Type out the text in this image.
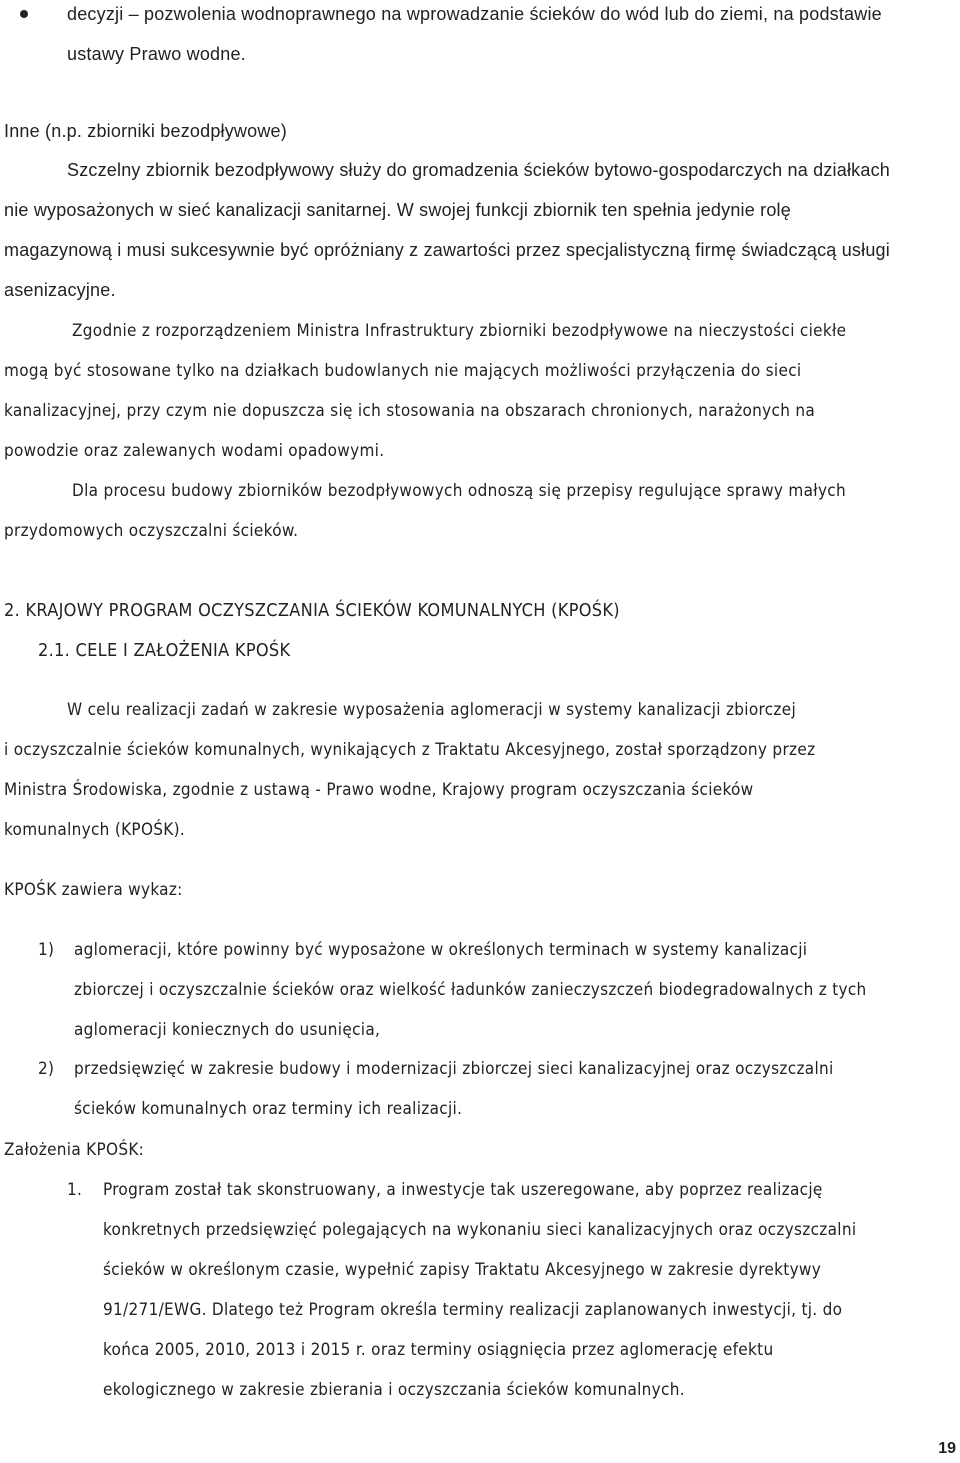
decyzji – pozwolenia wodnoprawnego na wprowadzanie ścieków do wód lub do ziemi, na podstawie

ustawy Prawo wodne.

Inne (n.p. zbiorniki bezodpływowe)

Szczelny zbiornik bezodpływowy służy do gromadzenia ścieków bytowo-gospodarczych na działkach

nie wyposażonych w sieć kanalizacji sanitarnej. W swojej funkcji zbiornik ten spełnia jedynie rolę

magazynową i musi sukcesywnie być opróżniany z zawartości przez specjalistyczną firmę świadczącą usługi

asenizacyjne.

Zgodnie z rozporządzeniem Ministra Infrastruktury zbiorniki bezodpływowe na nieczystości ciekłe

mogą być stosowane tylko na działkach budowlanych nie mających możliwości przyłączenia do sieci

kanalizacyjnej, przy czym nie dopuszcza się ich stosowania na obszarach chronionych, narażonych na

powodzie oraz zalewanych wodami opadowymi.

Dla procesu budowy zbiorników bezodpływowych odnoszą się przepisy regulujące sprawy małych

przydomowych oczyszczalni ścieków.

2. KRAJOWY PROGRAM OCZYSZCZANIA ŚCIEKÓW KOMUNALNYCH (KPOŚK)

2.1. CELE I ZAŁOŻENIA KPOŚK

W celu realizacji zadań w zakresie wyposażenia aglomeracji w systemy kanalizacji zbiorczej

i oczyszczalnie ścieków komunalnych, wynikających z Traktatu Akcesyjnego, został sporządzony przez

Ministra Środowiska, zgodnie z ustawą - Prawo wodne, Krajowy program oczyszczania ścieków

komunalnych (KPOŚK).

KPOŚK zawiera wykaz:

1) aglomeracji, które powinny być wyposażone w określonych terminach w systemy kanalizacji

zbiorczej i oczyszczalnie ścieków oraz wielkość ładunków zanieczyszczeń biodegradowalnych z tych

aglomeracji koniecznych do usunięcia,

2) przedsięwzięć w zakresie budowy i modernizacji zbiorczej sieci kanalizacyjnej oraz oczyszczalni

ścieków komunalnych oraz terminy ich realizacji.

Założenia KPOŚK:

1. Program został tak skonstruowany, a inwestycje tak uszeregowane, aby poprzez realizację

konkretnych przedsięwzięć polegających na wykonaniu sieci kanalizacyjnych oraz oczyszczalni

ścieków w określonym czasie, wypełnić zapisy Traktatu Akcesyjnego w zakresie dyrektywy

91/271/EWG. Dlatego też Program określa terminy realizacji zaplanowanych inwestycji, tj. do

końca 2005, 2010, 2013 i 2015 r. oraz terminy osiągnięcia przez aglomerację efektu

ekologicznego w zakresie zbierania i oczyszczania ścieków komunalnych.

19
